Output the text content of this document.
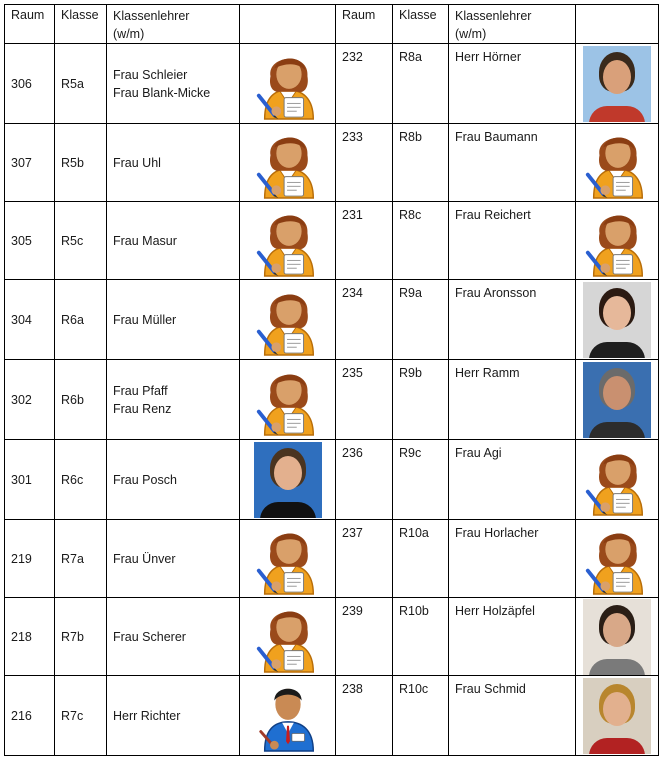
Raum	Klasse	Klassenlehrer
(w/m)		Raum	Klasse	Klassenlehrer
(w/m)	

306	R5a	Frau Schleier
Frau Blank-Micke		232	R8a	Herr Hörner	

307	R5b	Frau Uhl		233	R8b	Frau Baumann	
305	R5c	Frau Masur		231	R8c	Frau Reichert	
304	R6a	Frau Müller		234	R9a	Frau Aronsson	

302	R6b	Frau Pfaff
Frau Renz		235	R9b	Herr Ramm	

301	R6c	Frau Posch		236	R9c	Frau Agi	
219	R7a	Frau Ünver		237	R10a	Frau Horlacher	
218	R7b	Frau Scherer		239	R10b	Herr Holzäpfel	

216	R7c	Herr Richter		238	R10c	Frau Schmid	
